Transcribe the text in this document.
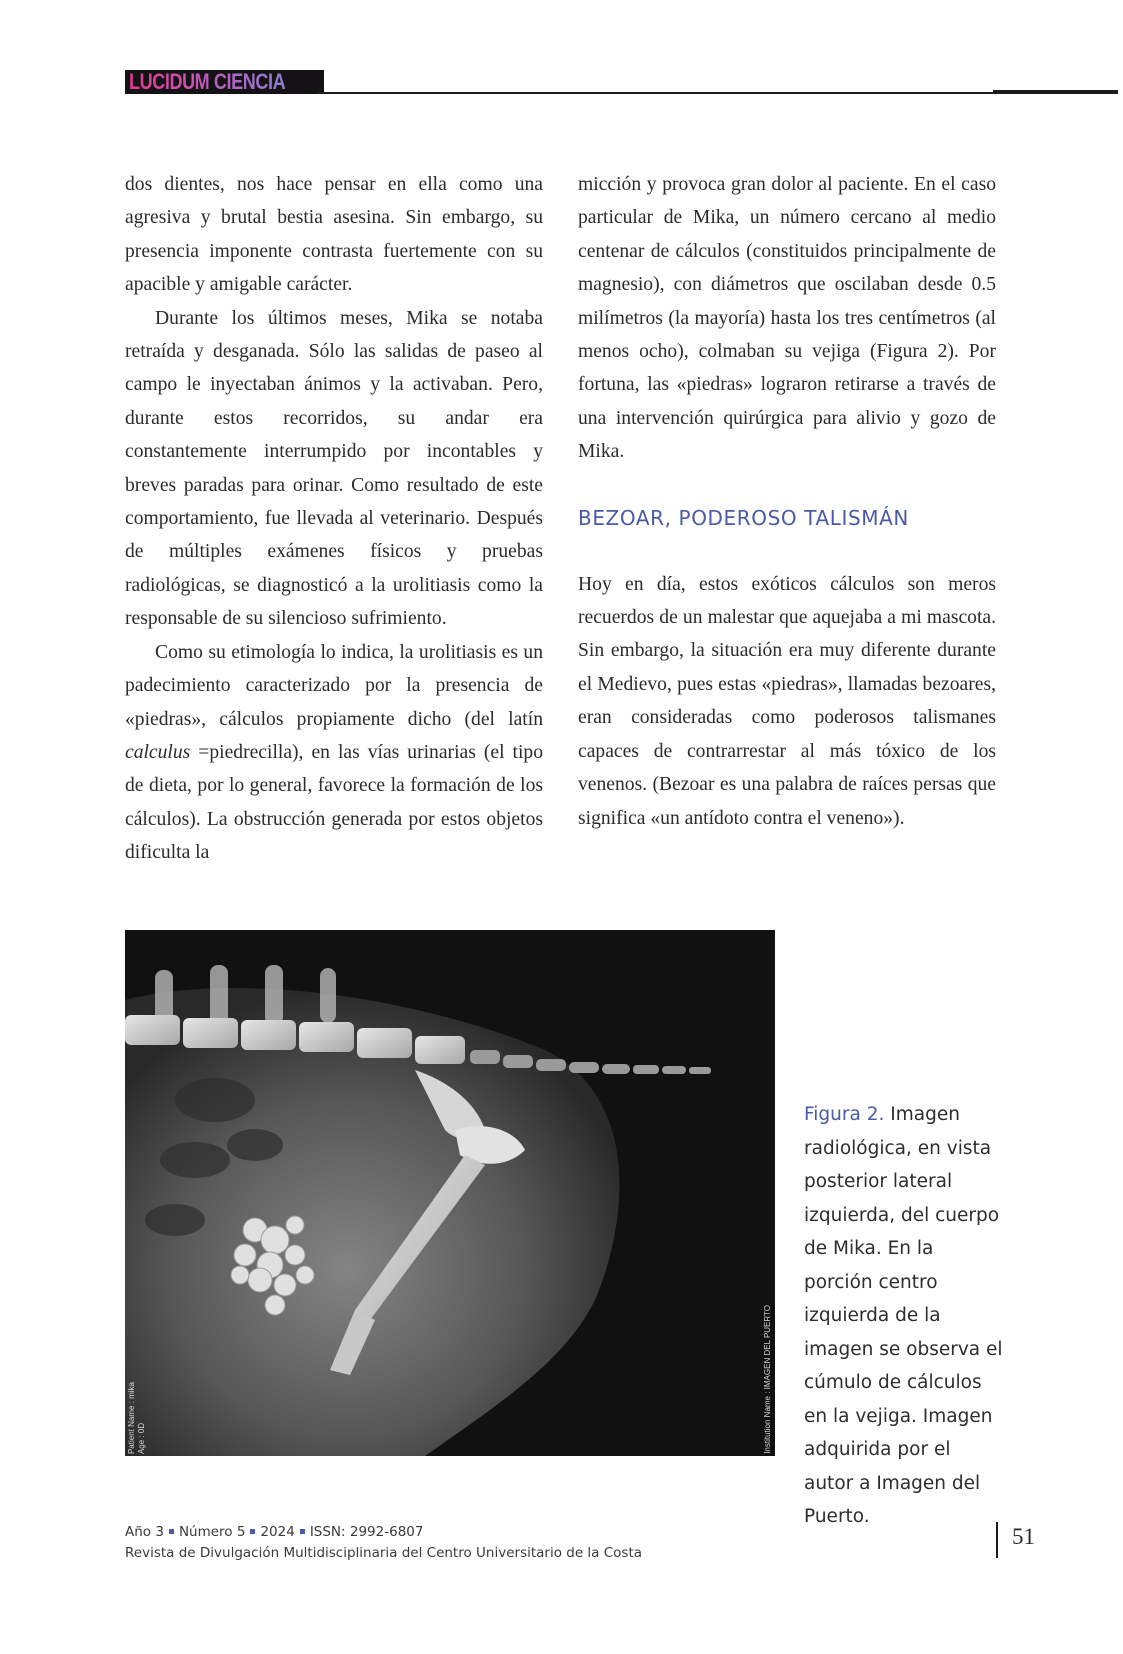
LUCIDUM CIENCIA

dos dientes, nos hace pensar en ella como una agresiva y brutal bestia asesina. Sin embargo, su presencia imponente contrasta fuertemente con su apacible y amigable carácter.

Durante los últimos meses, Mika se notaba retraída y desganada. Sólo las salidas de paseo al campo le inyectaban ánimos y la activaban. Pero, durante estos recorridos, su andar era constantemente interrumpido por incontables y breves paradas para orinar. Como resultado de este comportamiento, fue llevada al veterinario. Después de múltiples exámenes físicos y pruebas radiológicas, se diagnosticó a la urolitiasis como la responsable de su silencioso sufrimiento.

Como su etimología lo indica, la urolitiasis es un padecimiento caracterizado por la presencia de «piedras», cálculos propiamente dicho (del latín calculus =piedrecilla), en las vías urinarias (el tipo de dieta, por lo general, favorece la formación de los cálculos). La obstrucción generada por estos objetos dificulta la

micción y provoca gran dolor al paciente. En el caso particular de Mika, un número cercano al medio centenar de cálculos (constituidos principalmente de magnesio), con diámetros que oscilaban desde 0.5 milímetros (la mayoría) hasta los tres centímetros (al menos ocho), colmaban su vejiga (Figura 2). Por fortuna, las «piedras» lograron retirarse a través de una intervención quirúrgica para alivio y gozo de Mika.

BEZOAR, PODEROSO TALISMÁN

Hoy en día, estos exóticos cálculos son meros recuerdos de un malestar que aquejaba a mi mascota. Sin embargo, la situación era muy diferente durante el Medievo, pues estas «piedras», llamadas bezoares, eran consideradas como poderosos talismanes capaces de contrarrestar al más tóxico de los venenos. (Bezoar es una palabra de raíces persas que significa «un antídoto contra el veneno»).

Patient Name : mika
Age : 0D	Institution Name : IMAGEN DEL PUERTO
Figura 2. Imagen radiológica, en vista posterior lateral izquierda, del cuerpo de Mika. En la porción centro izquierda de la imagen se observa el cúmulo de cálculos en la vejiga. Imagen adquirida por el autor a Imagen del Puerto.
Año 3 Número 5 2024 ISSN: 2992-6807
Revista de Divulgación Multidisciplinaria del Centro Universitario de la Costa
51
